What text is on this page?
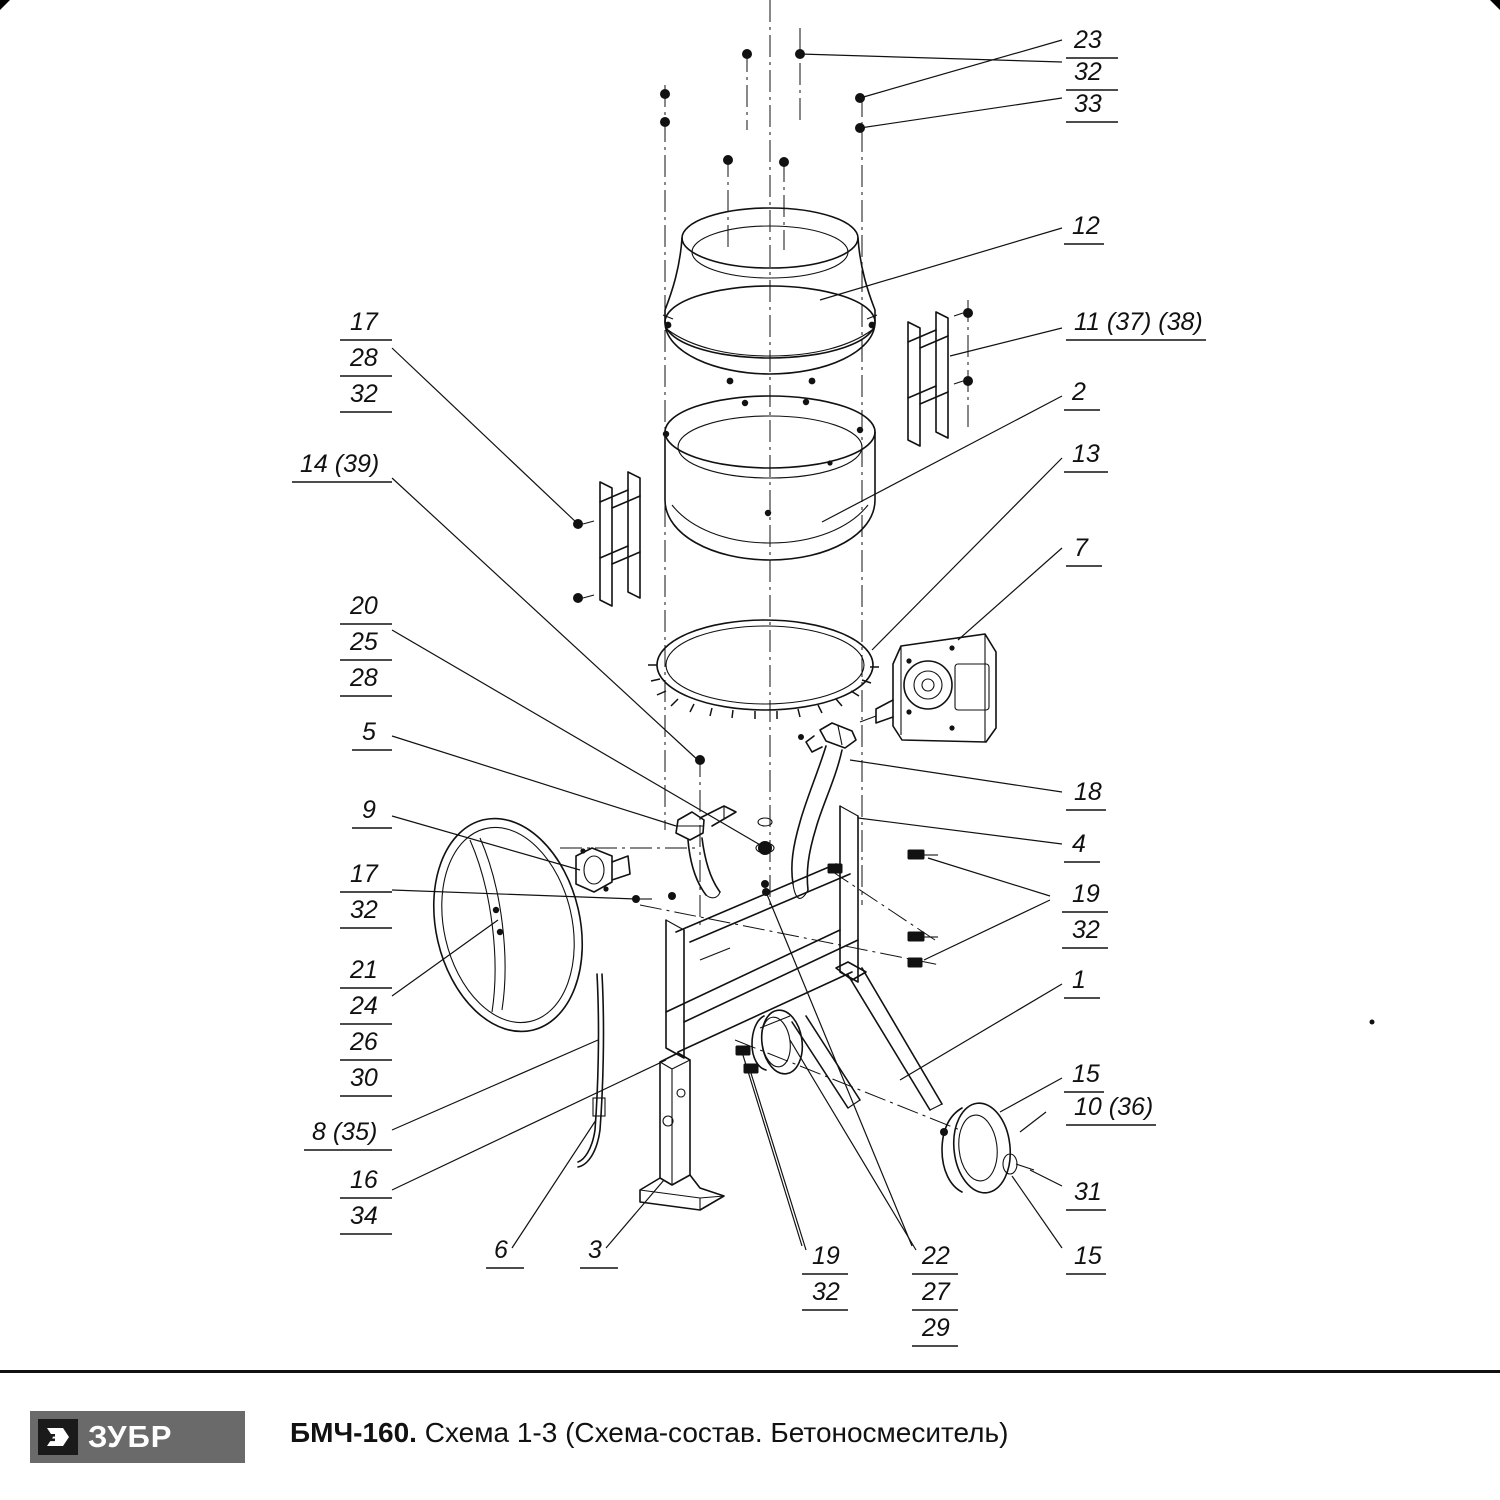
23
32
33
12
11 (37) (38)
2
13
7
17
28
32
14 (39)
20
25
28
5
9
17
32
21
24
26
30
8 (35)
16
34
6	3	19
32
22
27
29
18
4
19
32
1
15
10 (36)
31
15
ЗУБР	БМЧ-160. Схема 1-3 (Схема-состав. Бетоносмеситель)
